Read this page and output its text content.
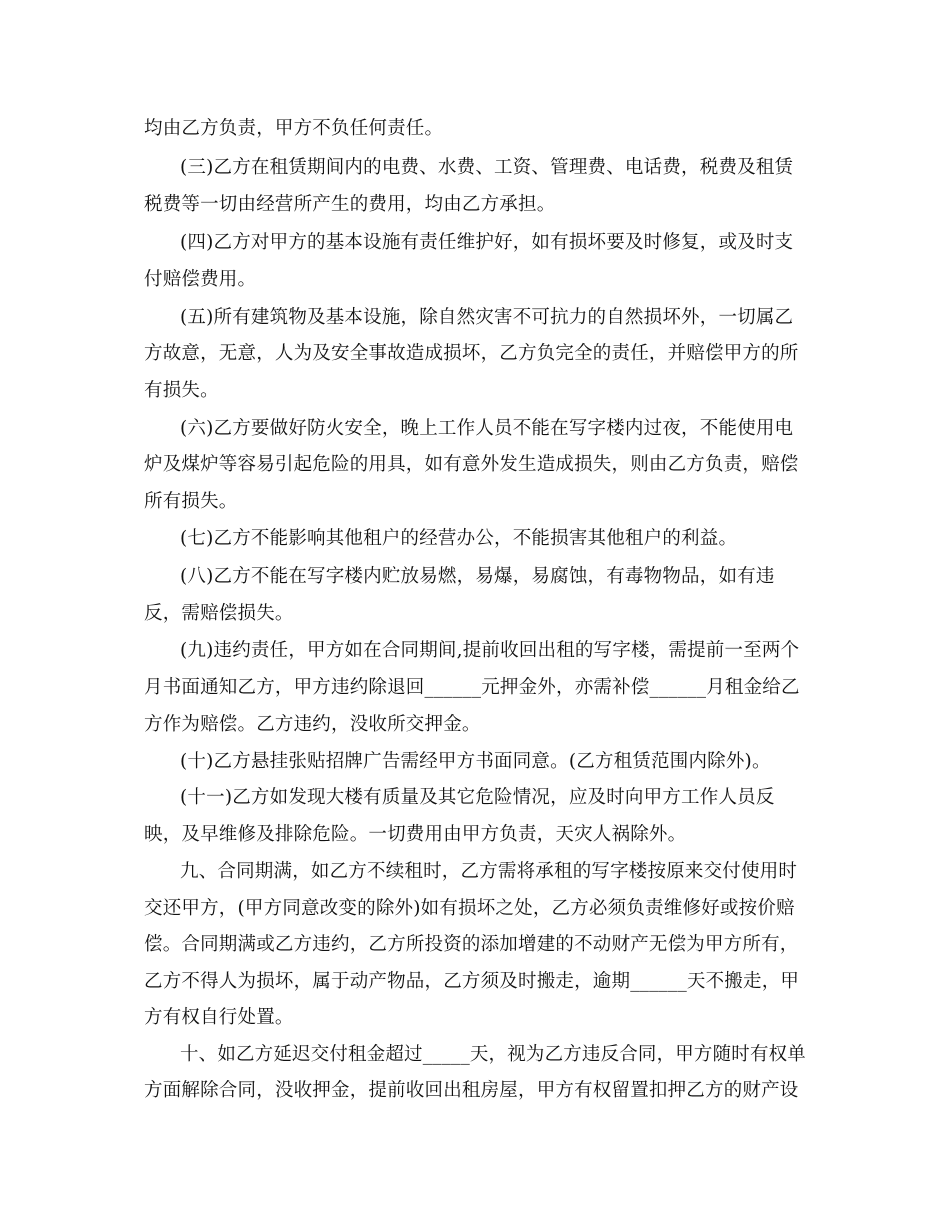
均由乙方负责，甲方不负任何责任。
(三)乙方在租赁期间内的电费、水费、工资、管理费、电话费，税费及租赁
税费等一切由经营所产生的费用，均由乙方承担。
(四)乙方对甲方的基本设施有责任维护好，如有损坏要及时修复，或及时支
付赔偿费用。
(五)所有建筑物及基本设施，除自然灾害不可抗力的自然损坏外，一切属乙
方故意，无意，人为及安全事故造成损坏，乙方负完全的责任，并赔偿甲方的所
有损失。
(六)乙方要做好防火安全，晚上工作人员不能在写字楼内过夜，不能使用电
炉及煤炉等容易引起危险的用具，如有意外发生造成损失，则由乙方负责，赔偿
所有损失。
(七)乙方不能影响其他租户的经营办公，不能损害其他租户的利益。
(八)乙方不能在写字楼内贮放易燃，易爆，易腐蚀，有毒物物品，如有违
反，需赔偿损失。
(九)违约责任，甲方如在合同期间,提前收回出租的写字楼，需提前一至两个
月书面通知乙方，甲方违约除退回______元押金外，亦需补偿______月租金给乙
方作为赔偿。乙方违约，没收所交押金。
(十)乙方悬挂张贴招牌广告需经甲方书面同意。(乙方租赁范围内除外)。
(十一)乙方如发现大楼有质量及其它危险情况，应及时向甲方工作人员反
映，及早维修及排除危险。一切费用由甲方负责，天灾人祸除外。
九、合同期满，如乙方不续租时，乙方需将承租的写字楼按原来交付使用时
交还甲方，(甲方同意改变的除外)如有损坏之处，乙方必须负责维修好或按价赔
偿。合同期满或乙方违约，乙方所投资的添加增建的不动财产无偿为甲方所有，
乙方不得人为损坏，属于动产物品，乙方须及时搬走，逾期______天不搬走，甲
方有权自行处置。
十、如乙方延迟交付租金超过_____天，视为乙方违反合同，甲方随时有权单
方面解除合同，没收押金，提前收回出租房屋，甲方有权留置扣押乙方的财产设
